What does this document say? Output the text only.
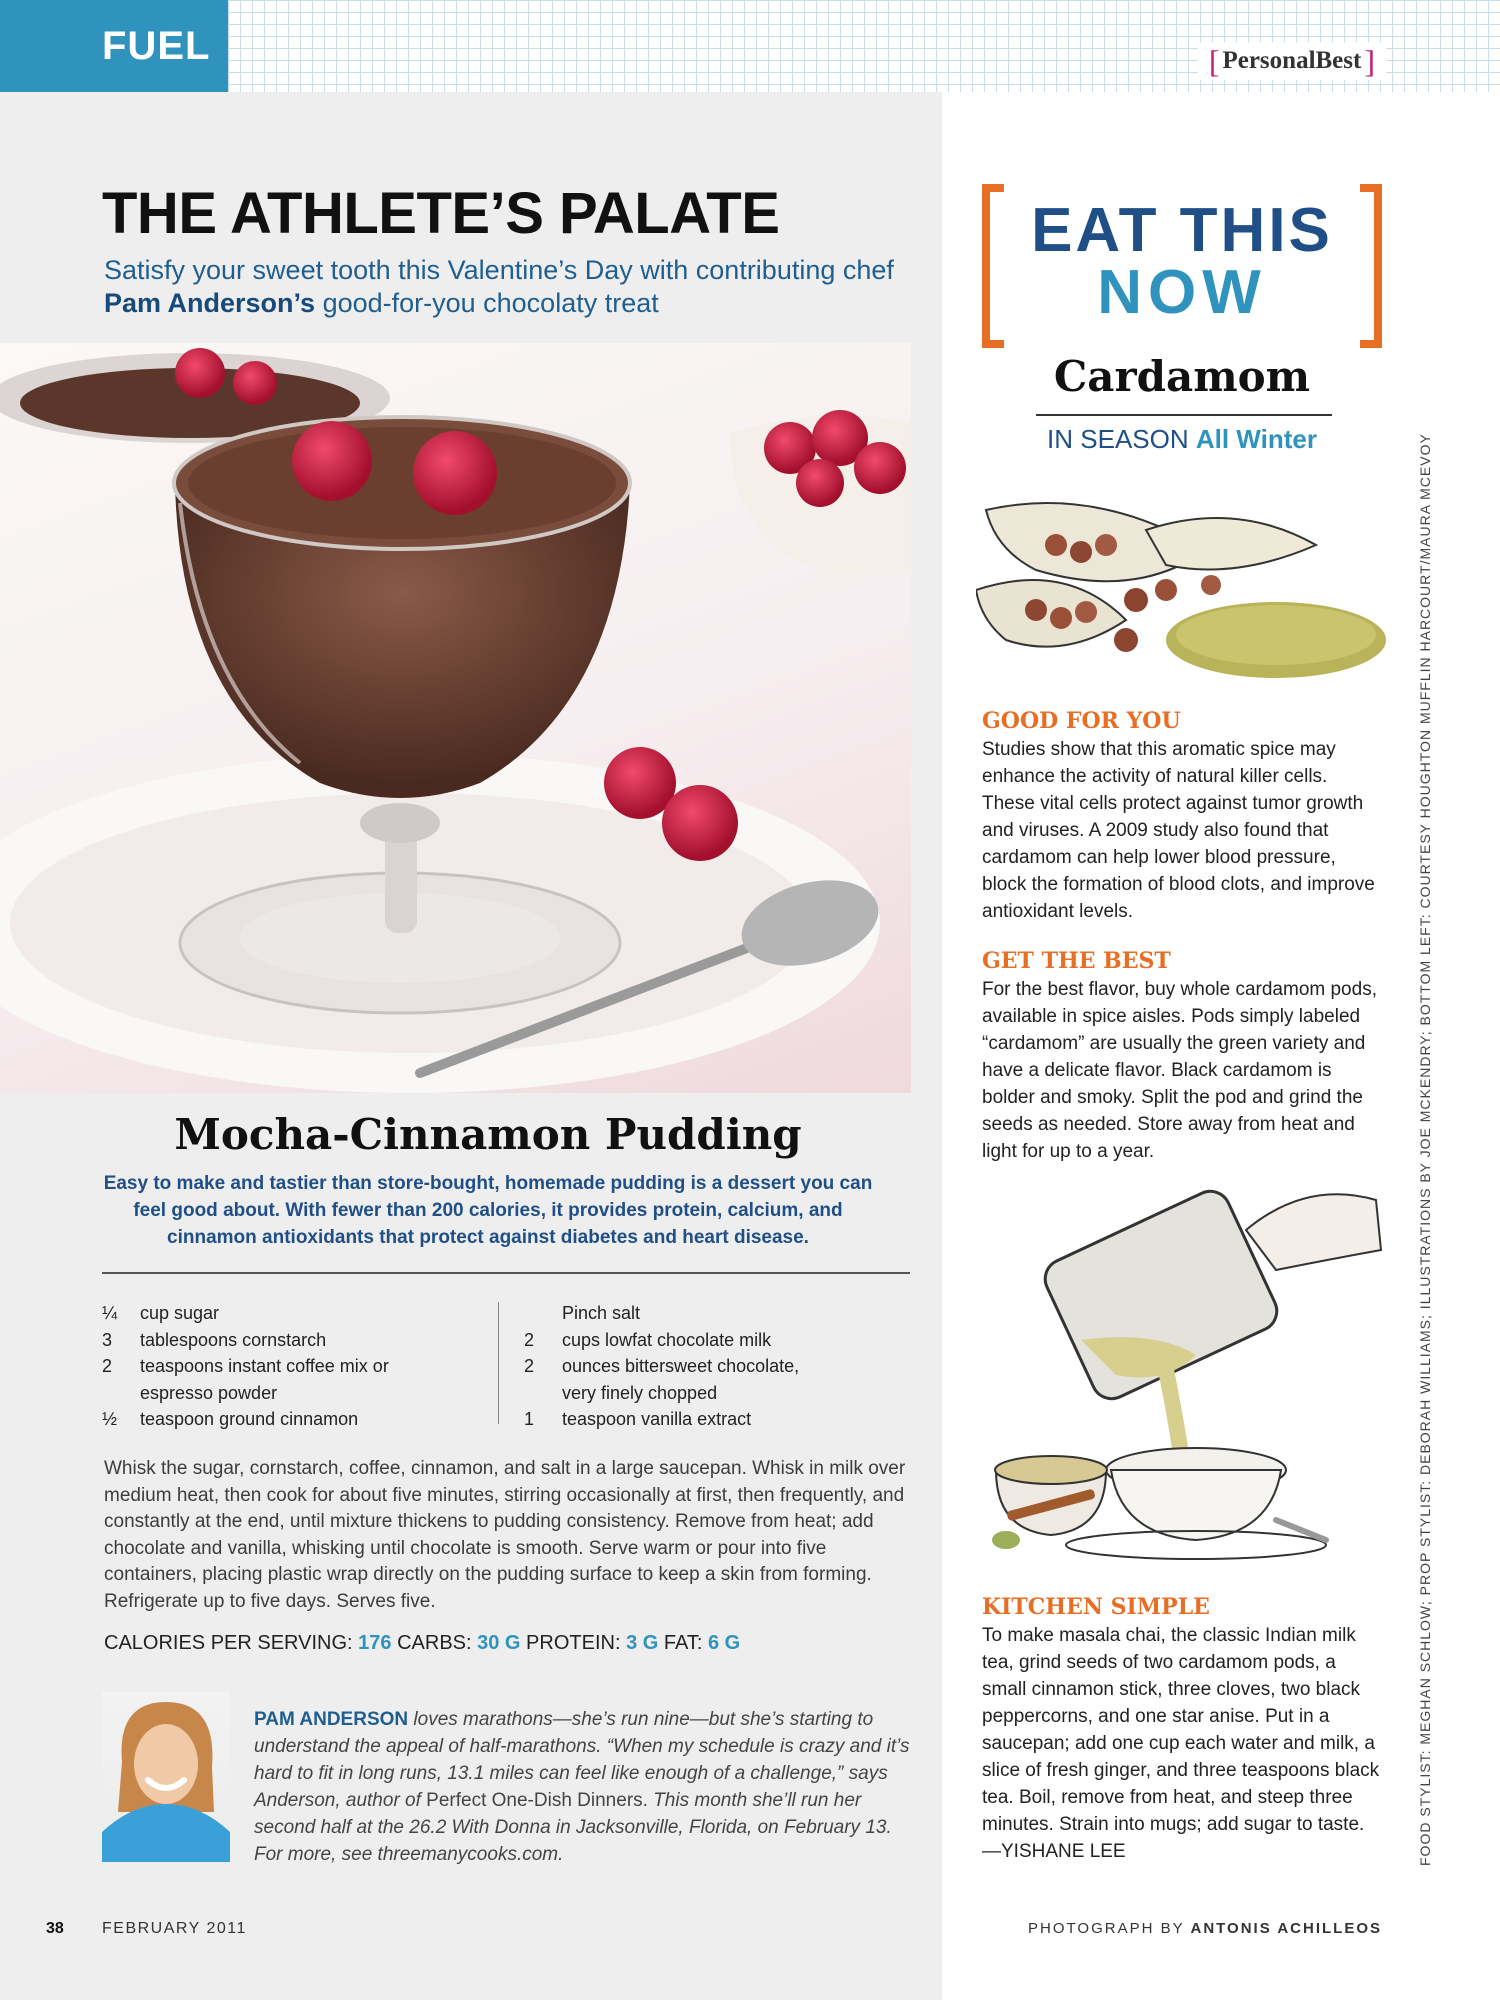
FUEL	[ PersonalBest ]
THE ATHLETE’S PALATE
Satisfy your sweet tooth this Valentine’s Day with contributing chef Pam Anderson’s good-for-you chocolaty treat
Mocha-Cinnamon Pudding
Easy to make and tastier than store-bought, homemade pudding is a dessert you can feel good about. With fewer than 200 calories, it provides protein, calcium, and cinnamon antioxidants that protect against diabetes and heart disease.
¼	cup sugar
3	tablespoons cornstarch
2	teaspoons instant coffee mix or
espresso powder
½	teaspoon ground cinnamon
Pinch salt
2	cups lowfat chocolate milk
2	ounces bittersweet chocolate,
very finely chopped
1	teaspoon vanilla extract
Whisk the sugar, cornstarch, coffee, cinnamon, and salt in a large saucepan. Whisk in milk over medium heat, then cook for about five minutes, stirring occasionally at first, then frequently, and constantly at the end, until mixture thickens to pudding consistency. Remove from heat; add chocolate and vanilla, whisking until chocolate is smooth. Serve warm or pour into five containers, placing plastic wrap directly on the pudding surface to keep a skin from forming. Refrigerate up to five days. Serves five.
CALORIES PER SERVING: 176 CARBS: 30 G PROTEIN: 3 G FAT: 6 G
PAM ANDERSON loves marathons—she’s run nine—but she’s starting to understand the appeal of half-marathons. “When my schedule is crazy and it’s hard to fit in long runs, 13.1 miles can feel like enough of a challenge,” says Anderson, author of Perfect One-Dish Dinners. This month she’ll run her second half at the 26.2 With Donna in Jacksonville, Florida, on February 13. For more, see threemanycooks.com.
38 FEBRUARY 2011	PHOTOGRAPH BY ANTONIS ACHILLEOS
EAT THIS
NOW
Cardamom
IN SEASON All Winter
GOOD FOR YOU
Studies show that this aromatic spice may enhance the activity of natural killer cells. These vital cells protect against tumor growth and viruses. A 2009 study also found that cardamom can help lower blood pressure, block the formation of blood clots, and improve antioxidant levels.
GET THE BEST
For the best flavor, buy whole cardamom pods, available in spice aisles. Pods simply labeled “cardamom” are usually the green variety and have a delicate flavor. Black cardamom is bolder and smoky. Split the pod and grind the seeds as needed. Store away from heat and light for up to a year.
KITCHEN SIMPLE
To make masala chai, the classic Indian milk tea, grind seeds of two cardamom pods, a small cinnamon stick, three cloves, two black peppercorns, and one star anise. Put in a saucepan; add one cup each water and milk, a slice of fresh ginger, and three teaspoons black tea. Boil, remove from heat, and steep three minutes. Strain into mugs; add sugar to taste. —YISHANE LEE	FOOD STYLIST: MEGHAN SCHLOW; PROP STYLIST: DEBORAH WILLIAMS; ILLUSTRATIONS BY JOE MCKENDRY; BOTTOM LEFT: COURTESY HOUGHTON MUFFLIN HARCOURT/MAURA MCEVOY
